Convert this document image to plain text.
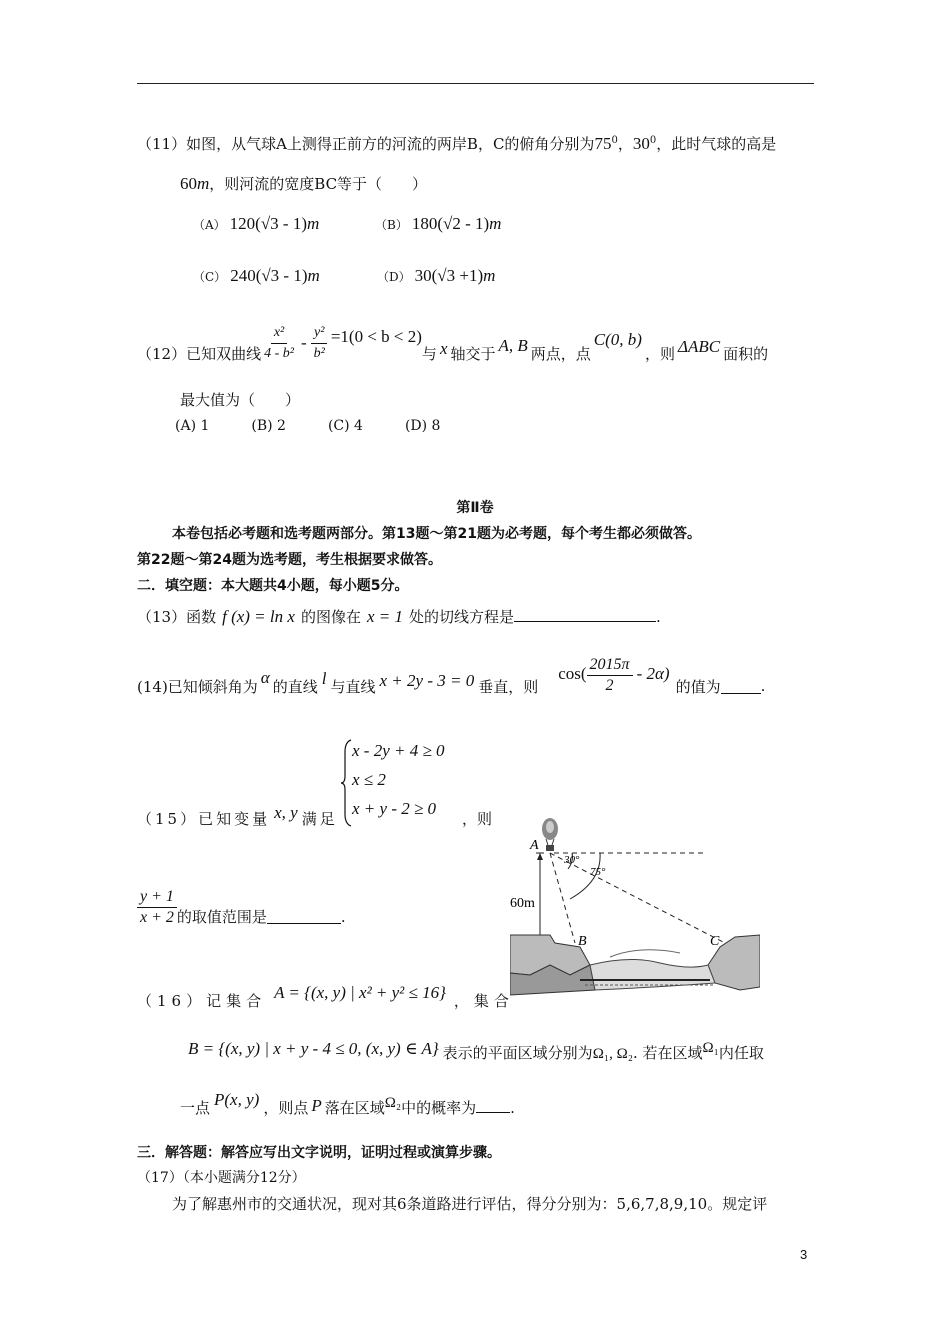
（11）如图，从气球A上测得正前方的河流的两岸B，C的俯角分别为$75^0$，$30^0$，此时气球的高是
60m，则河流的宽度BC等于（　　）
（A） 120(√3 - 1)m	（B） 180(√2 - 1)m
（C） 240(√3 - 1)m	（D） 30(√3 +1)m
（12）已知双曲线 $\frac{\text{x²}}{\text{4 - b²}} - \frac{\text{y²}}{\text{b²}} =1(0 < b < 2)$
与 x 轴交于 A, B 两点，点
C(0, b)
，则 ΔABC 面积的
最大值为（　　）
(A) 1　　　(B) 2　　　(C) 4　　　(D) 8
第Ⅱ卷
本卷包括必考题和选考题两部分。第13题～第21题为必考题，每个考生都必须做答。
第22题～第24题为选考题，考生根据要求做答。
二．填空题：本大题共4小题，每小题5分。
（13）函数 f (x) = ln x 的图像在 x = 1 处的切线方程是	.
(14)已知倾斜角为 α 的直线 l 与直线 x + 2y - 3 = 0 垂直，则
$\cos( \frac{2015\pi}{2} - 2\alpha)$
的值为	.
x - 2y + 4 ≥ 0
x ≤ 2
x + y - 2 ≥ 0
（15）已知变量 x, y 满足	，则
$\frac{y + 1}{x + 2}$ 的取值范围是	.
A
60m
30°
75°
B	C
（16）记集合 A = {(x, y) | x² + y² ≤ 16} ，集合
B = {(x, y) | x + y - 4 ≤ 0, (x, y) ∈ A} 表示的平面区域分别为Ω₁, Ω₂. 若在区域Ω₁内任取
一点 P(x, y) ，则点 P 落在区域Ω₂中的概率为 .
三．解答题：解答应写出文字说明，证明过程或演算步骤。
（17）（本小题满分12分）
为了解惠州市的交通状况，现对其6条道路进行评估，得分分别为：5,6,7,8,9,10。规定评
3
